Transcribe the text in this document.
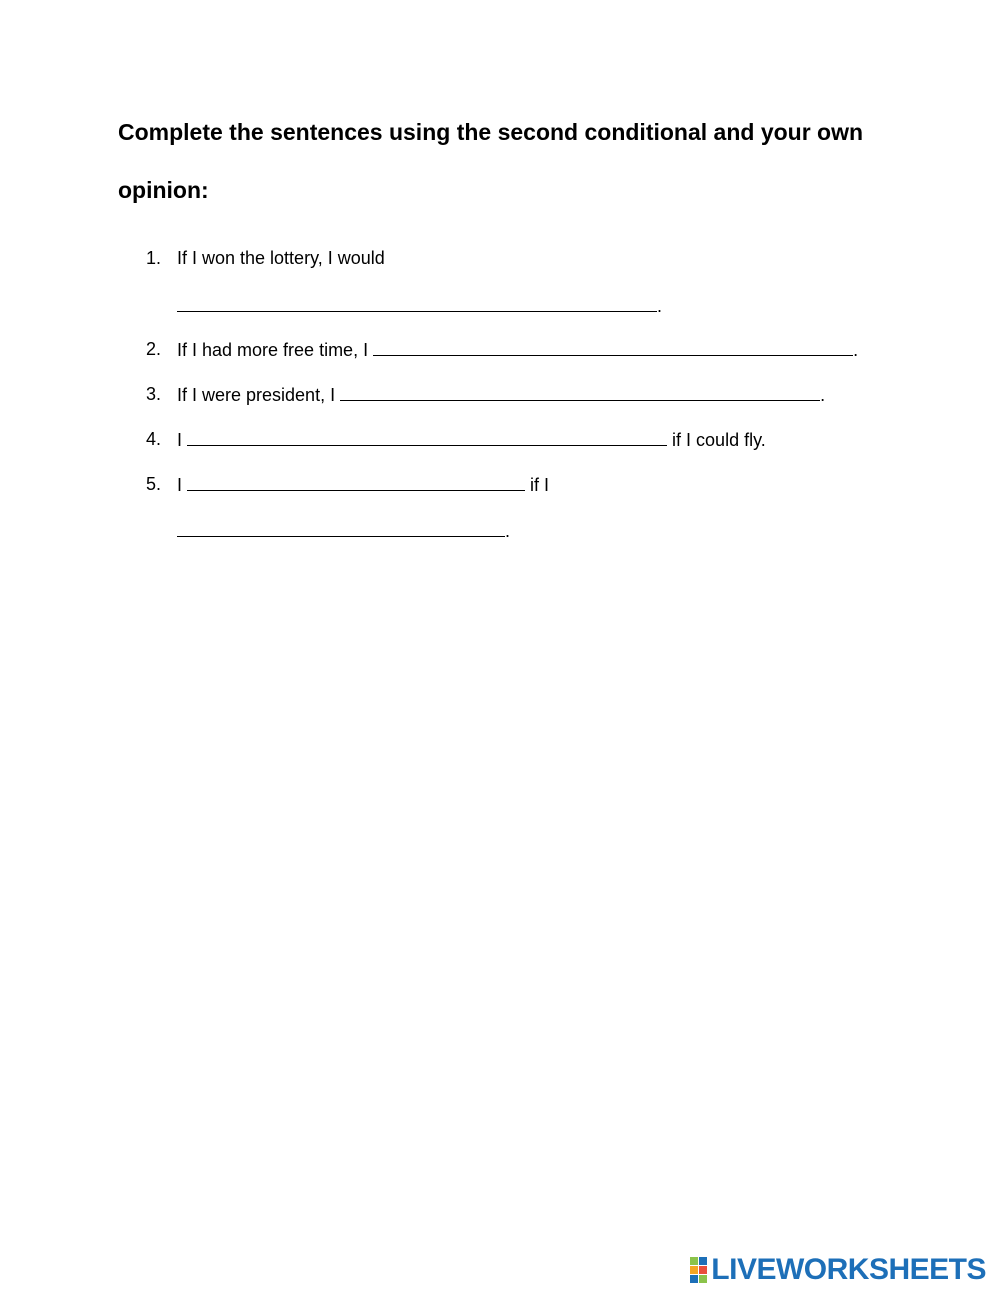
Complete the sentences using the second conditional and your own opinion:
1. If I won the lottery, I would
.
2. If I had more free time, I	.
3. If I were president, I	.
4. I	if I could fly.
5. I	if I
.
LIVEWORKSHEETS
